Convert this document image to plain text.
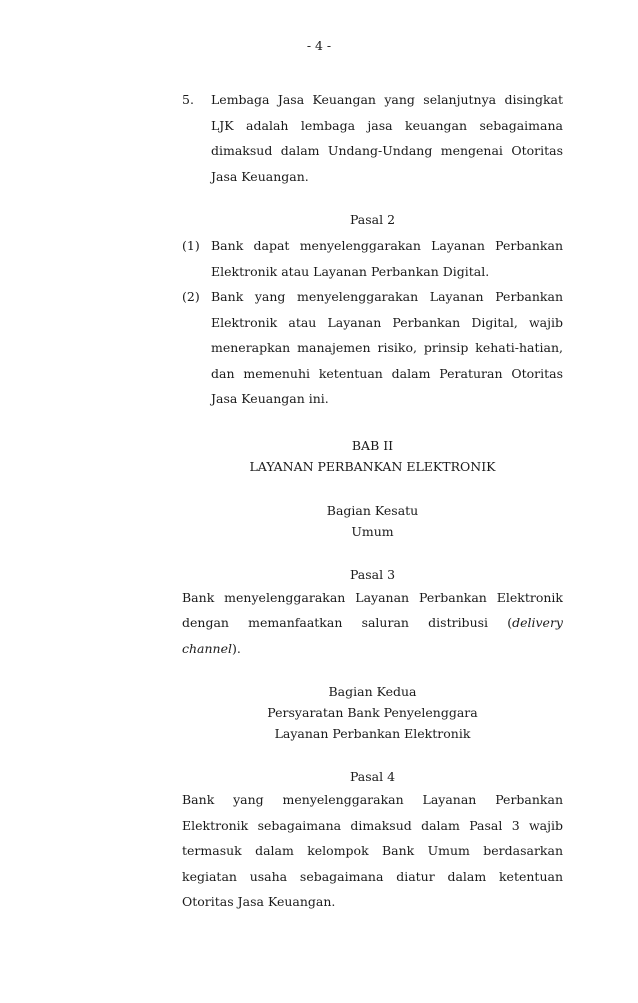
- 4 -
5. Lembaga Jasa Keuangan yang selanjutnya disingkat LJK adalah lembaga jasa keuangan sebagaimana dimaksud dalam Undang-Undang mengenai Otoritas Jasa Keuangan.
Pasal 2
(1) Bank dapat menyelenggarakan Layanan Perbankan Elektronik atau Layanan Perbankan Digital.
(2) Bank yang menyelenggarakan Layanan Perbankan Elektronik atau Layanan Perbankan Digital, wajib menerapkan manajemen risiko, prinsip kehati-hatian, dan memenuhi ketentuan dalam Peraturan Otoritas Jasa Keuangan ini.
BAB II
LAYANAN PERBANKAN ELEKTRONIK
Bagian Kesatu
Umum
Pasal 3
Bank menyelenggarakan Layanan Perbankan Elektronik dengan memanfaatkan saluran distribusi (delivery channel).
Bagian Kedua
Persyaratan Bank Penyelenggara
Layanan Perbankan Elektronik
Pasal 4
Bank yang menyelenggarakan Layanan Perbankan Elektronik sebagaimana dimaksud dalam Pasal 3 wajib termasuk dalam kelompok Bank Umum berdasarkan kegiatan usaha sebagaimana diatur dalam ketentuan Otoritas Jasa Keuangan.
